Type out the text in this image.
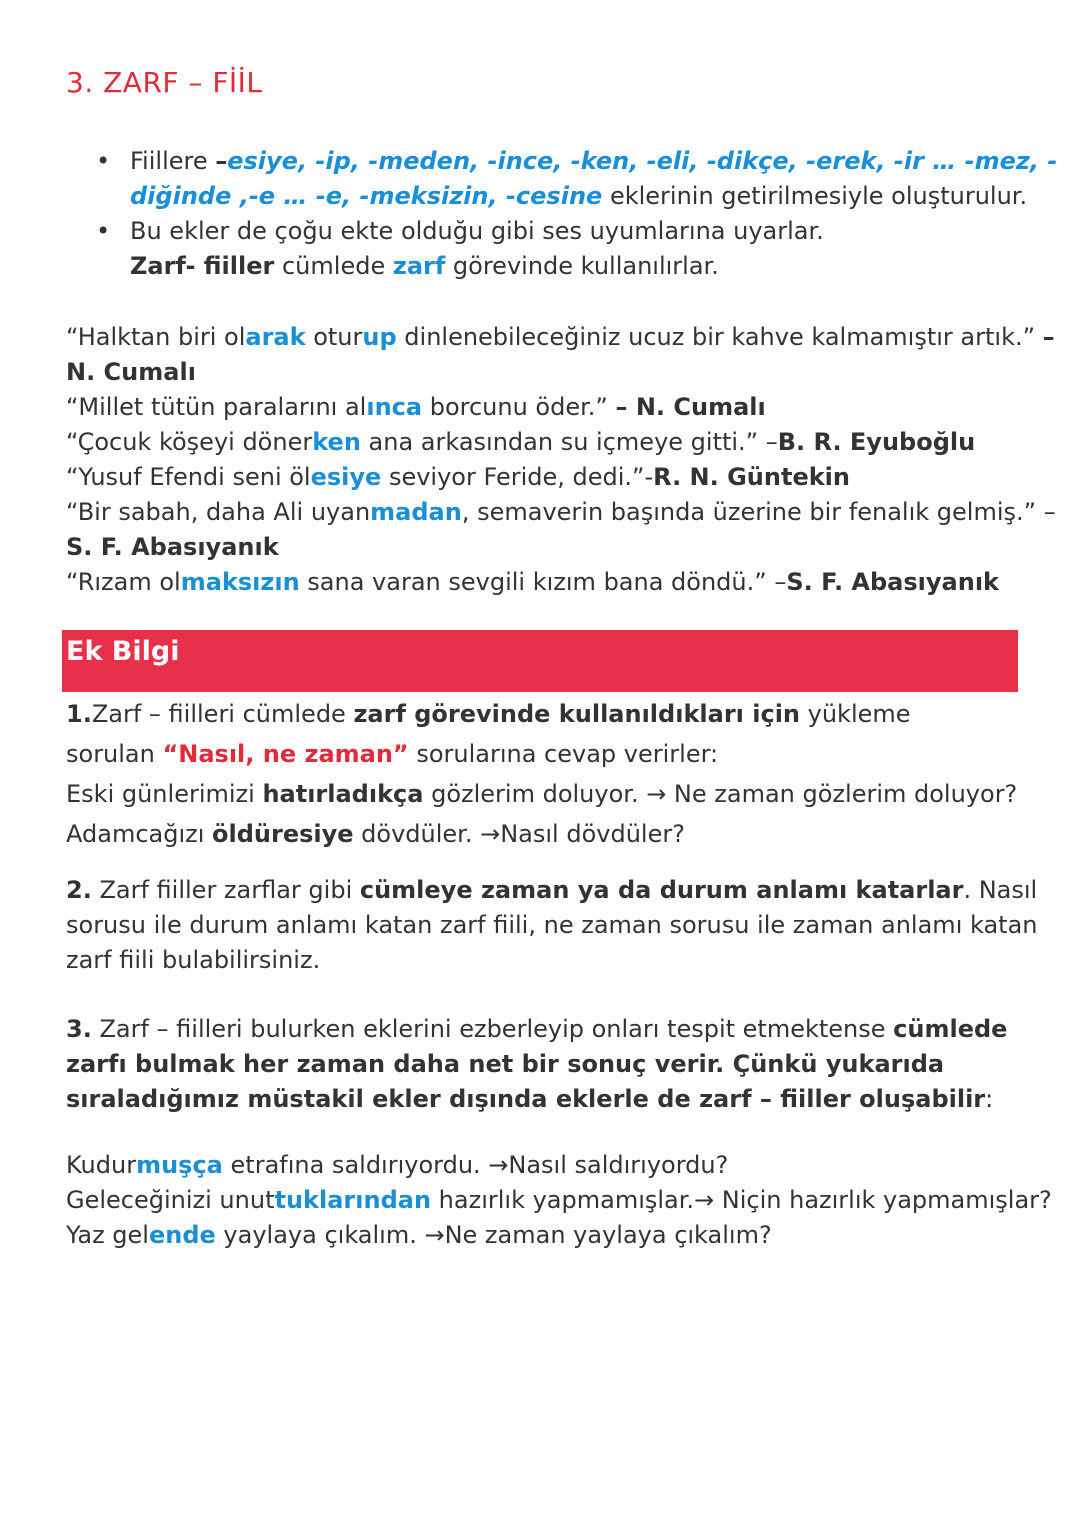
3. ZARF – FİİL
• Fiillere –esiye, -ip, -meden, -ince, -ken, -eli, -dikçe, -erek, -ir … -mez, -
diğinde ,-e … -e, -meksizin, -cesine eklerinin getirilmesiyle oluşturulur.
• Bu ekler de çoğu ekte olduğu gibi ses uyumlarına uyarlar.
Zarf- fiiller cümlede zarf görevinde kullanılırlar.
“Halktan biri olarak oturup dinlenebileceğiniz ucuz bir kahve kalmamıştır artık.” –
N. Cumalı
“Millet tütün paralarını alınca borcunu öder.” – N. Cumalı
“Çocuk köşeyi dönerken ana arkasından su içmeye gitti.” –B. R. Eyuboğlu
“Yusuf Efendi seni ölesiye seviyor Feride, dedi.”-R. N. Güntekin
“Bir sabah, daha Ali uyanmadan, semaverin başında üzerine bir fenalık gelmiş.” –
S. F. Abasıyanık
“Rızam olmaksızın sana varan sevgili kızım bana döndü.” –S. F. Abasıyanık
Ek Bilgi
1.Zarf – fiilleri cümlede zarf görevinde kullanıldıkları için yükleme
sorulan “Nasıl, ne zaman” sorularına cevap verirler:
Eski günlerimizi hatırladıkça gözlerim doluyor. → Ne zaman gözlerim doluyor?
Adamcağızı öldüresiye dövdüler. →Nasıl dövdüler?
2. Zarf fiiller zarflar gibi cümleye zaman ya da durum anlamı katarlar. Nasıl
sorusu ile durum anlamı katan zarf fiili, ne zaman sorusu ile zaman anlamı katan
zarf fiili bulabilirsiniz.
3. Zarf – fiilleri bulurken eklerini ezberleyip onları tespit etmektense cümlede
zarfı bulmak her zaman daha net bir sonuç verir. Çünkü yukarıda
sıraladığımız müstakil ekler dışında eklerle de zarf – fiiller oluşabilir:
Kudurmuşça etrafına saldırıyordu. →Nasıl saldırıyordu?
Geleceğinizi unuttuklarından hazırlık yapmamışlar.→ Niçin hazırlık yapmamışlar?
Yaz gelende yaylaya çıkalım. →Ne zaman yaylaya çıkalım?
